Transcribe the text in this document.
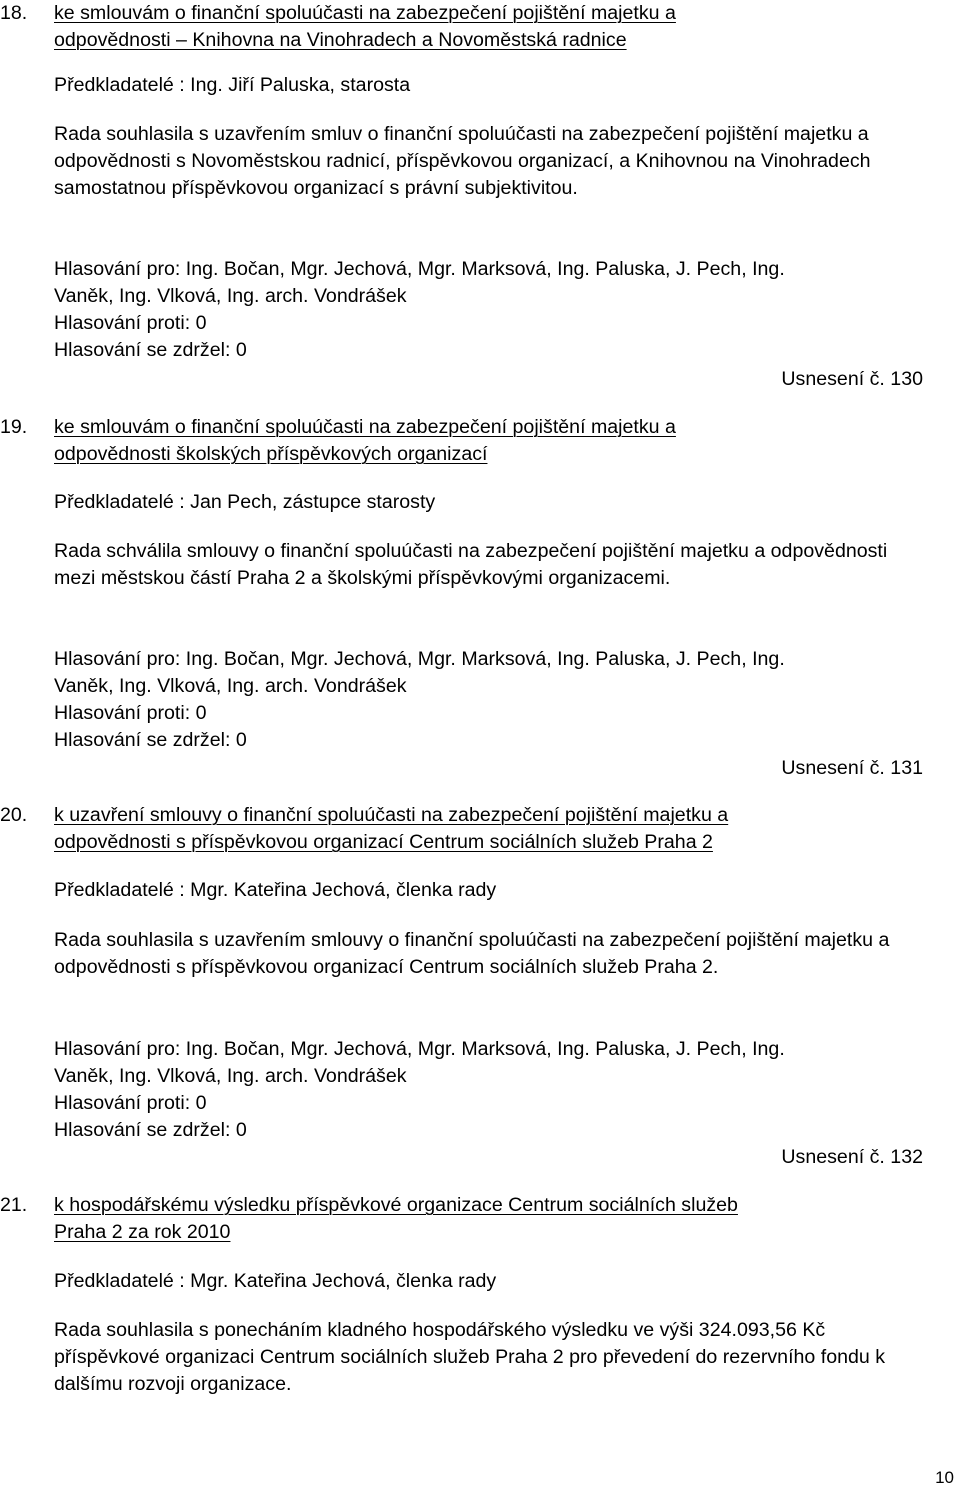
18.	ke smlouvám o finanční spoluúčasti na zabezpečení pojištění majetku a
odpovědnosti – Knihovna na Vinohradech a Novoměstská radnice
Předkladatelé : Ing. Jiří Paluska, starosta

Rada souhlasila s uzavřením smluv o finanční spoluúčasti na zabezpečení pojištění majetku a odpovědnosti s Novoměstskou radnicí, příspěvkovou organizací, a Knihovnou na Vinohradech samostatnou příspěvkovou organizací s právní subjektivitou.

Hlasování pro: Ing. Bočan, Mgr. Jechová, Mgr. Marksová, Ing. Paluska, J. Pech, Ing.
Vaněk, Ing. Vlková, Ing. arch. Vondrášek
Hlasování proti: 0
Hlasování se zdržel: 0
Usnesení č. 130
19.	ke smlouvám o finanční spoluúčasti na zabezpečení pojištění majetku a
odpovědnosti školských příspěvkových organizací
Předkladatelé : Jan Pech, zástupce starosty

Rada schválila smlouvy o finanční spoluúčasti na zabezpečení pojištění majetku a odpovědnosti mezi městskou částí Praha 2 a školskými příspěvkovými organizacemi.

Hlasování pro: Ing. Bočan, Mgr. Jechová, Mgr. Marksová, Ing. Paluska, J. Pech, Ing.
Vaněk, Ing. Vlková, Ing. arch. Vondrášek
Hlasování proti: 0
Hlasování se zdržel: 0
Usnesení č. 131
20.	k uzavření smlouvy o finanční spoluúčasti na zabezpečení pojištění majetku a
odpovědnosti s příspěvkovou organizací Centrum sociálních služeb Praha 2
Předkladatelé : Mgr. Kateřina Jechová, členka rady

Rada souhlasila s uzavřením smlouvy o finanční spoluúčasti na zabezpečení pojištění majetku a odpovědnosti s příspěvkovou organizací Centrum sociálních služeb Praha 2.

Hlasování pro: Ing. Bočan, Mgr. Jechová, Mgr. Marksová, Ing. Paluska, J. Pech, Ing.
Vaněk, Ing. Vlková, Ing. arch. Vondrášek
Hlasování proti: 0
Hlasování se zdržel: 0
Usnesení č. 132
21.	k hospodářskému výsledku příspěvkové organizace Centrum sociálních služeb
Praha 2 za rok 2010
Předkladatelé : Mgr. Kateřina Jechová, členka rady

Rada souhlasila s ponecháním kladného hospodářského výsledku ve výši 324.093,56 Kč příspěvkové organizaci Centrum sociálních služeb Praha 2 pro převedení do rezervního fondu k dalšímu rozvoji organizace.

10
